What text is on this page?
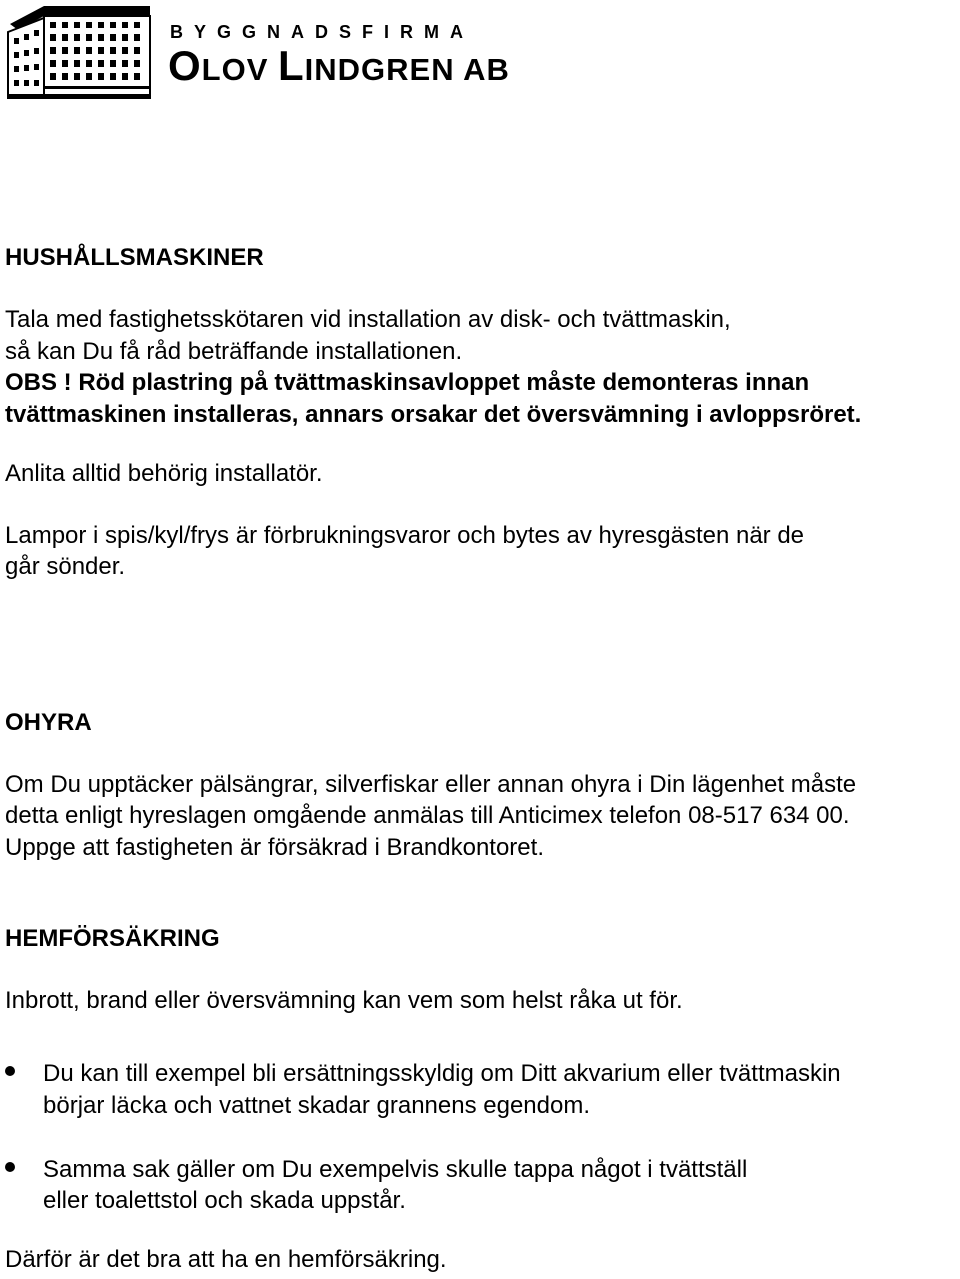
BYGGNADSFIRMA
OLOV LINDGREN AB

HUSHÅLLSMASKINER

Tala med fastighetsskötaren vid installation av disk- och tvättmaskin,

så kan Du få råd beträffande installationen.

OBS ! Röd plastring på tvättmaskinsavloppet måste demonteras innan

tvättmaskinen installeras, annars orsakar det översvämning i avloppsröret.

Anlita alltid behörig installatör.

Lampor i spis/kyl/frys är förbrukningsvaror och bytes av hyresgästen när de

går sönder.

OHYRA

Om Du upptäcker pälsängrar, silverfiskar eller annan ohyra i Din lägenhet måste

detta enligt hyreslagen omgående anmälas till Anticimex telefon 08-517 634 00.

Uppge att fastigheten är försäkrad i Brandkontoret.

HEMFÖRSÄKRING

Inbrott, brand eller översvämning kan vem som helst råka ut för.

Du kan till exempel bli ersättningsskyldig om Ditt akvarium eller tvättmaskin

börjar läcka och vattnet skadar grannens egendom.

Samma sak gäller om Du exempelvis skulle tappa något i tvättställ

eller toalettstol och skada uppstår.

Därför är det bra att ha en hemförsäkring.
